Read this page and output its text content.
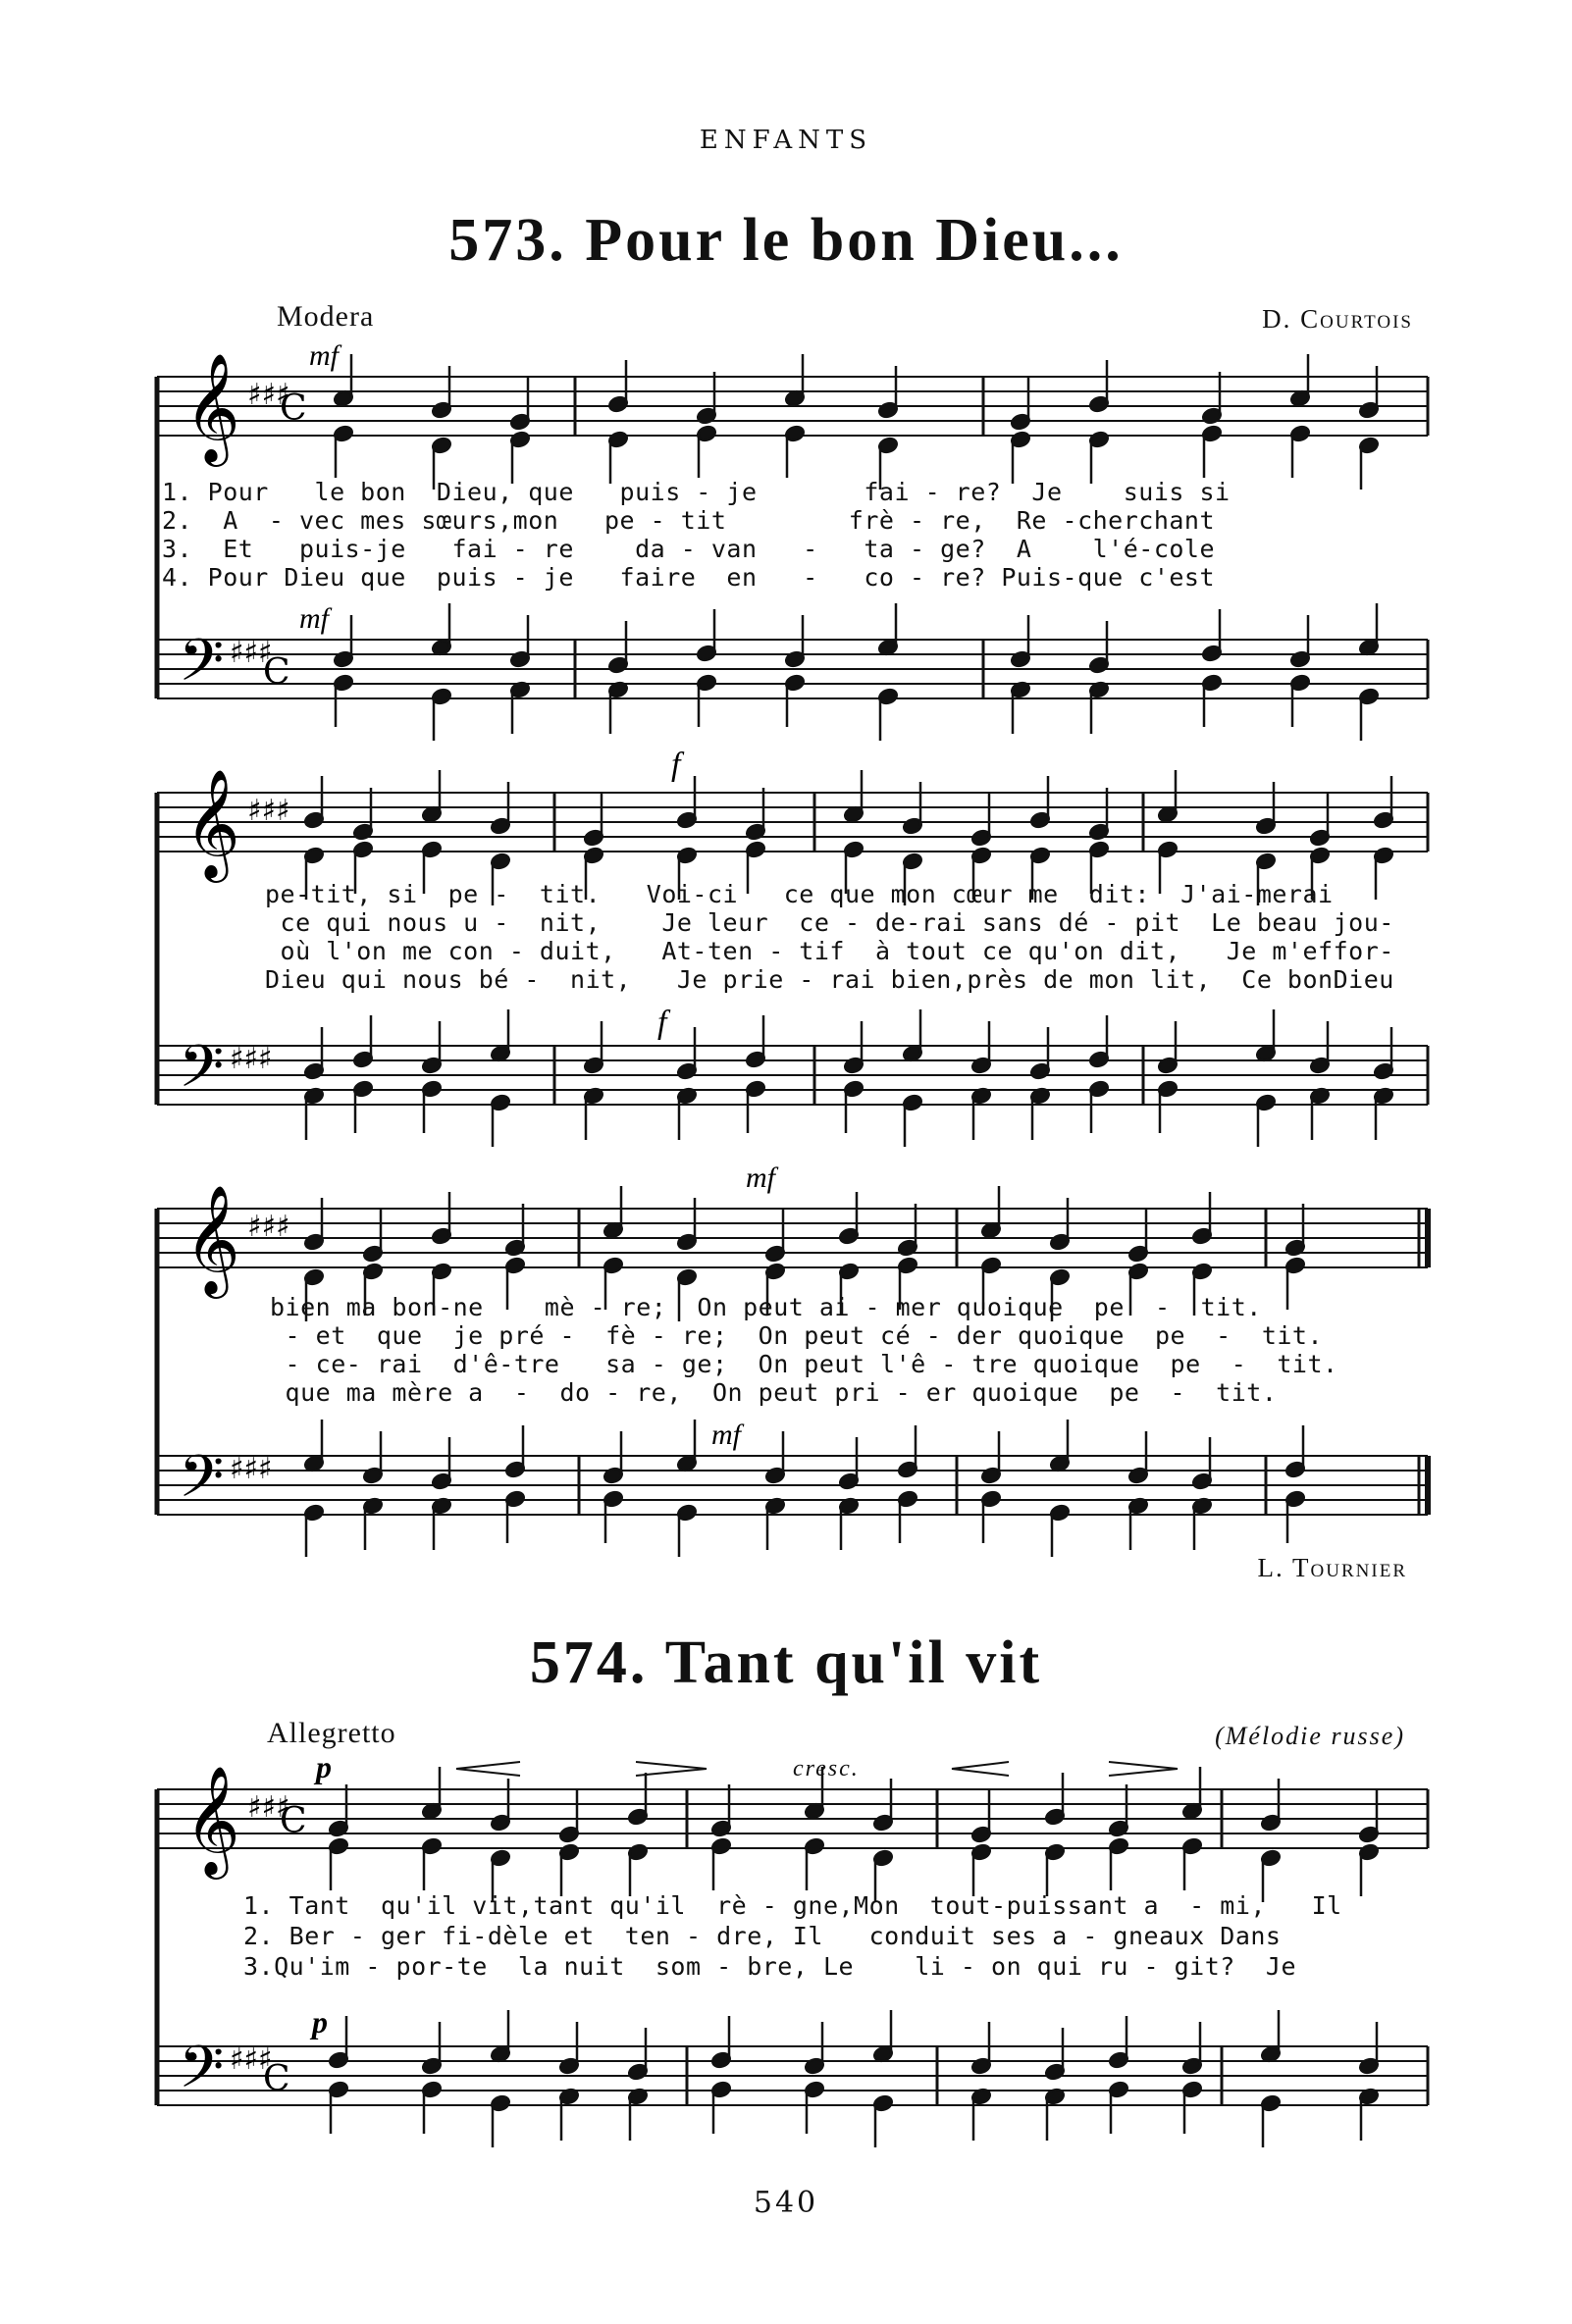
ENFANTS
573. Pour le bon Dieu...
Modera	D. Courtois
𝄞 ♯♯♯
C
𝄢 ♯♯♯
C
mf
mf
𝄞 ♯♯♯
𝄢 ♯♯♯
f
f
𝄞 ♯♯♯
𝄢 ♯♯♯
mf
mf
𝄞 ♯♯♯
C
𝄢 ♯♯♯
C
p
p
1. Pour   le bon  Dieu, que   puis - je       fai - re?  Je    suis si
2.  A  - vec mes sœurs,mon   pe - tit        frè - re,  Re -cherchant
3.  Et   puis-je   fai - re    da - van   -   ta - ge?  A    l'é-cole
4. Pour Dieu que  puis - je   faire  en   -   co - re? Puis-que c'est
pe-tit, si  pe -  tit.   Voi-ci   ce que mon cœur me  dit:  J'ai-merai
ce qui nous u -  nit,    Je leur  ce - de-rai sans dé - pit  Le beau jou-
où l'on me con - duit,   At-ten - tif  à tout ce qu'on dit,   Je m'effor-
Dieu qui nous bé -  nit,   Je prie - rai bien,près de mon lit,  Ce bonDieu
bien ma bon-ne    mè - re;  On peut ai - mer quoique  pe  -  tit.
- et  que  je pré -  fè - re;  On peut cé - der quoique  pe  -  tit.
- ce- rai  d'ê-tre   sa - ge;  On peut l'ê - tre quoique  pe  -  tit.
que ma mère a  -  do - re,  On peut pri - er quoique  pe  -  tit.
L. Tournier
574. Tant qu'il vit
Allegretto	(Mélodie russe)
cresc.
1. Tant  qu'il vit,tant qu'il  rè - gne,Mon  tout-puissant a  - mi,   Il
2. Ber - ger fi-dèle et  ten - dre, Il   conduit ses a - gneaux Dans
3.Qu'im - por-te  la nuit  som - bre, Le    li - on qui ru - git?  Je
540
